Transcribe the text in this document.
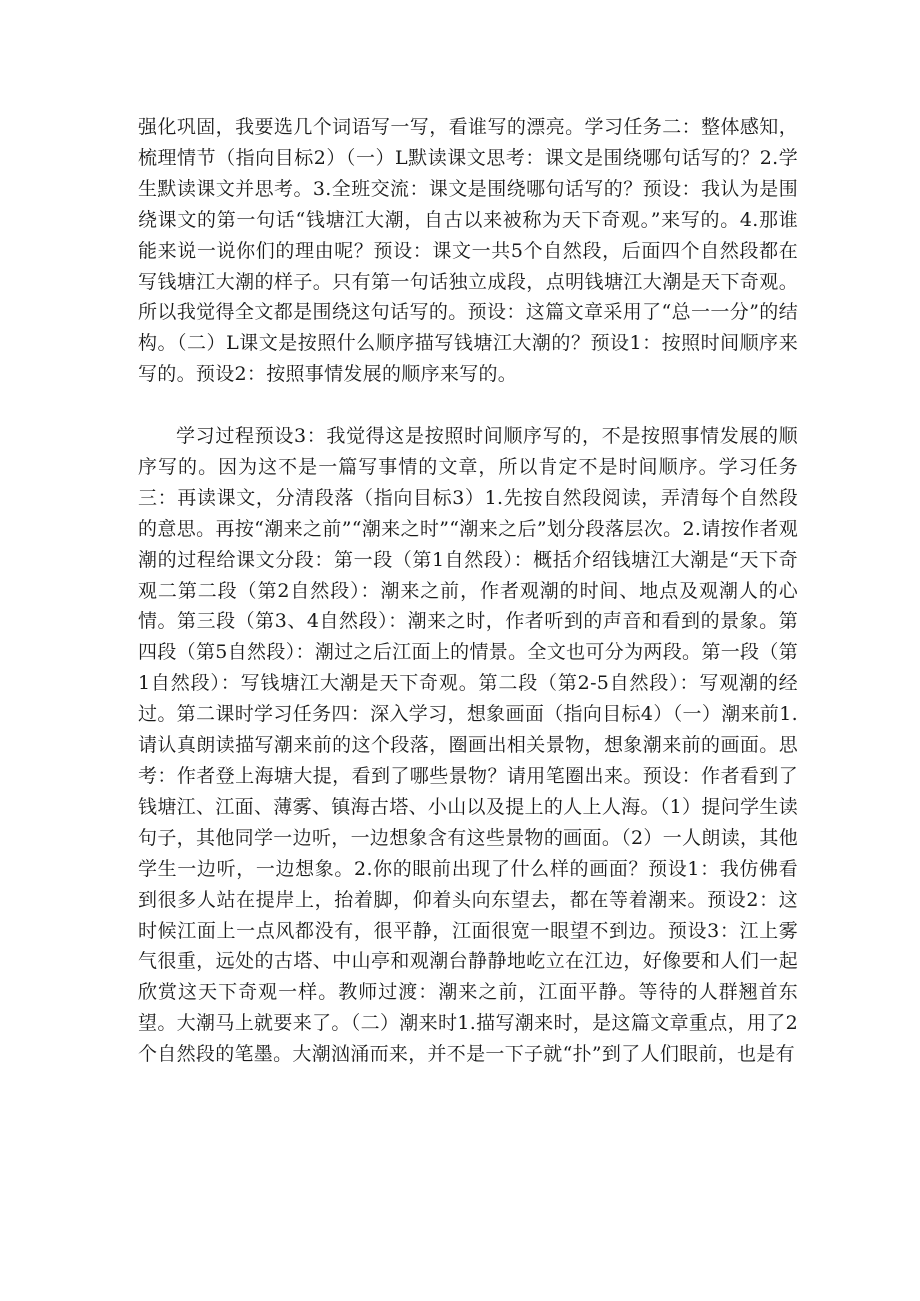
强化巩固，我要选几个词语写一写，看谁写的漂亮。学习任务二：整体感知，梳理情节（指向目标2）（一）L默读课文思考：课文是围绕哪句话写的？2.学生默读课文并思考。3.全班交流：课文是围绕哪句话写的？预设：我认为是围绕课文的第一句话“钱塘江大潮，自古以来被称为天下奇观。”来写的。4.那谁能来说一说你们的理由呢？预设：课文一共5个自然段，后面四个自然段都在写钱塘江大潮的样子。只有第一句话独立成段，点明钱塘江大潮是天下奇观。所以我觉得全文都是围绕这句话写的。预设：这篇文章采用了“总一一分”的结构。（二）L课文是按照什么顺序描写钱塘江大潮的？预设1：按照时间顺序来写的。预设2：按照事情发展的顺序来写的。

学习过程预设3：我觉得这是按照时间顺序写的，不是按照事情发展的顺序写的。因为这不是一篇写事情的文章，所以肯定不是时间顺序。学习任务三：再读课文，分清段落（指向目标3）1.先按自然段阅读，弄清每个自然段的意思。再按“潮来之前”“潮来之时”“潮来之后”划分段落层次。2.请按作者观潮的过程给课文分段：第一段（第1自然段）：概括介绍钱塘江大潮是“天下奇观二第二段（第2自然段）：潮来之前，作者观潮的时间、地点及观潮人的心情。第三段（第3、4自然段）：潮来之时，作者听到的声音和看到的景象。第四段（第5自然段）：潮过之后江面上的情景。全文也可分为两段。第一段（第1自然段）：写钱塘江大潮是天下奇观。第二段（第2-5自然段）：写观潮的经过。第二课时学习任务四：深入学习，想象画面（指向目标4）（一）潮来前1.请认真朗读描写潮来前的这个段落，圈画出相关景物，想象潮来前的画面。思考：作者登上海塘大提，看到了哪些景物？请用笔圈出来。预设：作者看到了钱塘江、江面、薄雾、镇海古塔、小山以及提上的人上人海。（1）提问学生读句子，其他同学一边听，一边想象含有这些景物的画面。（2）一人朗读，其他学生一边听，一边想象。2.你的眼前出现了什么样的画面？预设1：我仿佛看到很多人站在提岸上，抬着脚，仰着头向东望去，都在等着潮来。预设2：这时候江面上一点风都没有，很平静，江面很宽一眼望不到边。预设3：江上雾气很重，远处的古塔、中山亭和观潮台静静地屹立在江边，好像要和人们一起欣赏这天下奇观一样。教师过渡：潮来之前，江面平静。等待的人群翘首东望。大潮马上就要来了。（二）潮来时1.描写潮来时，是这篇文章重点，用了2个自然段的笔墨。大潮汹涌而来，并不是一下子就“扑”到了人们眼前，也是有
